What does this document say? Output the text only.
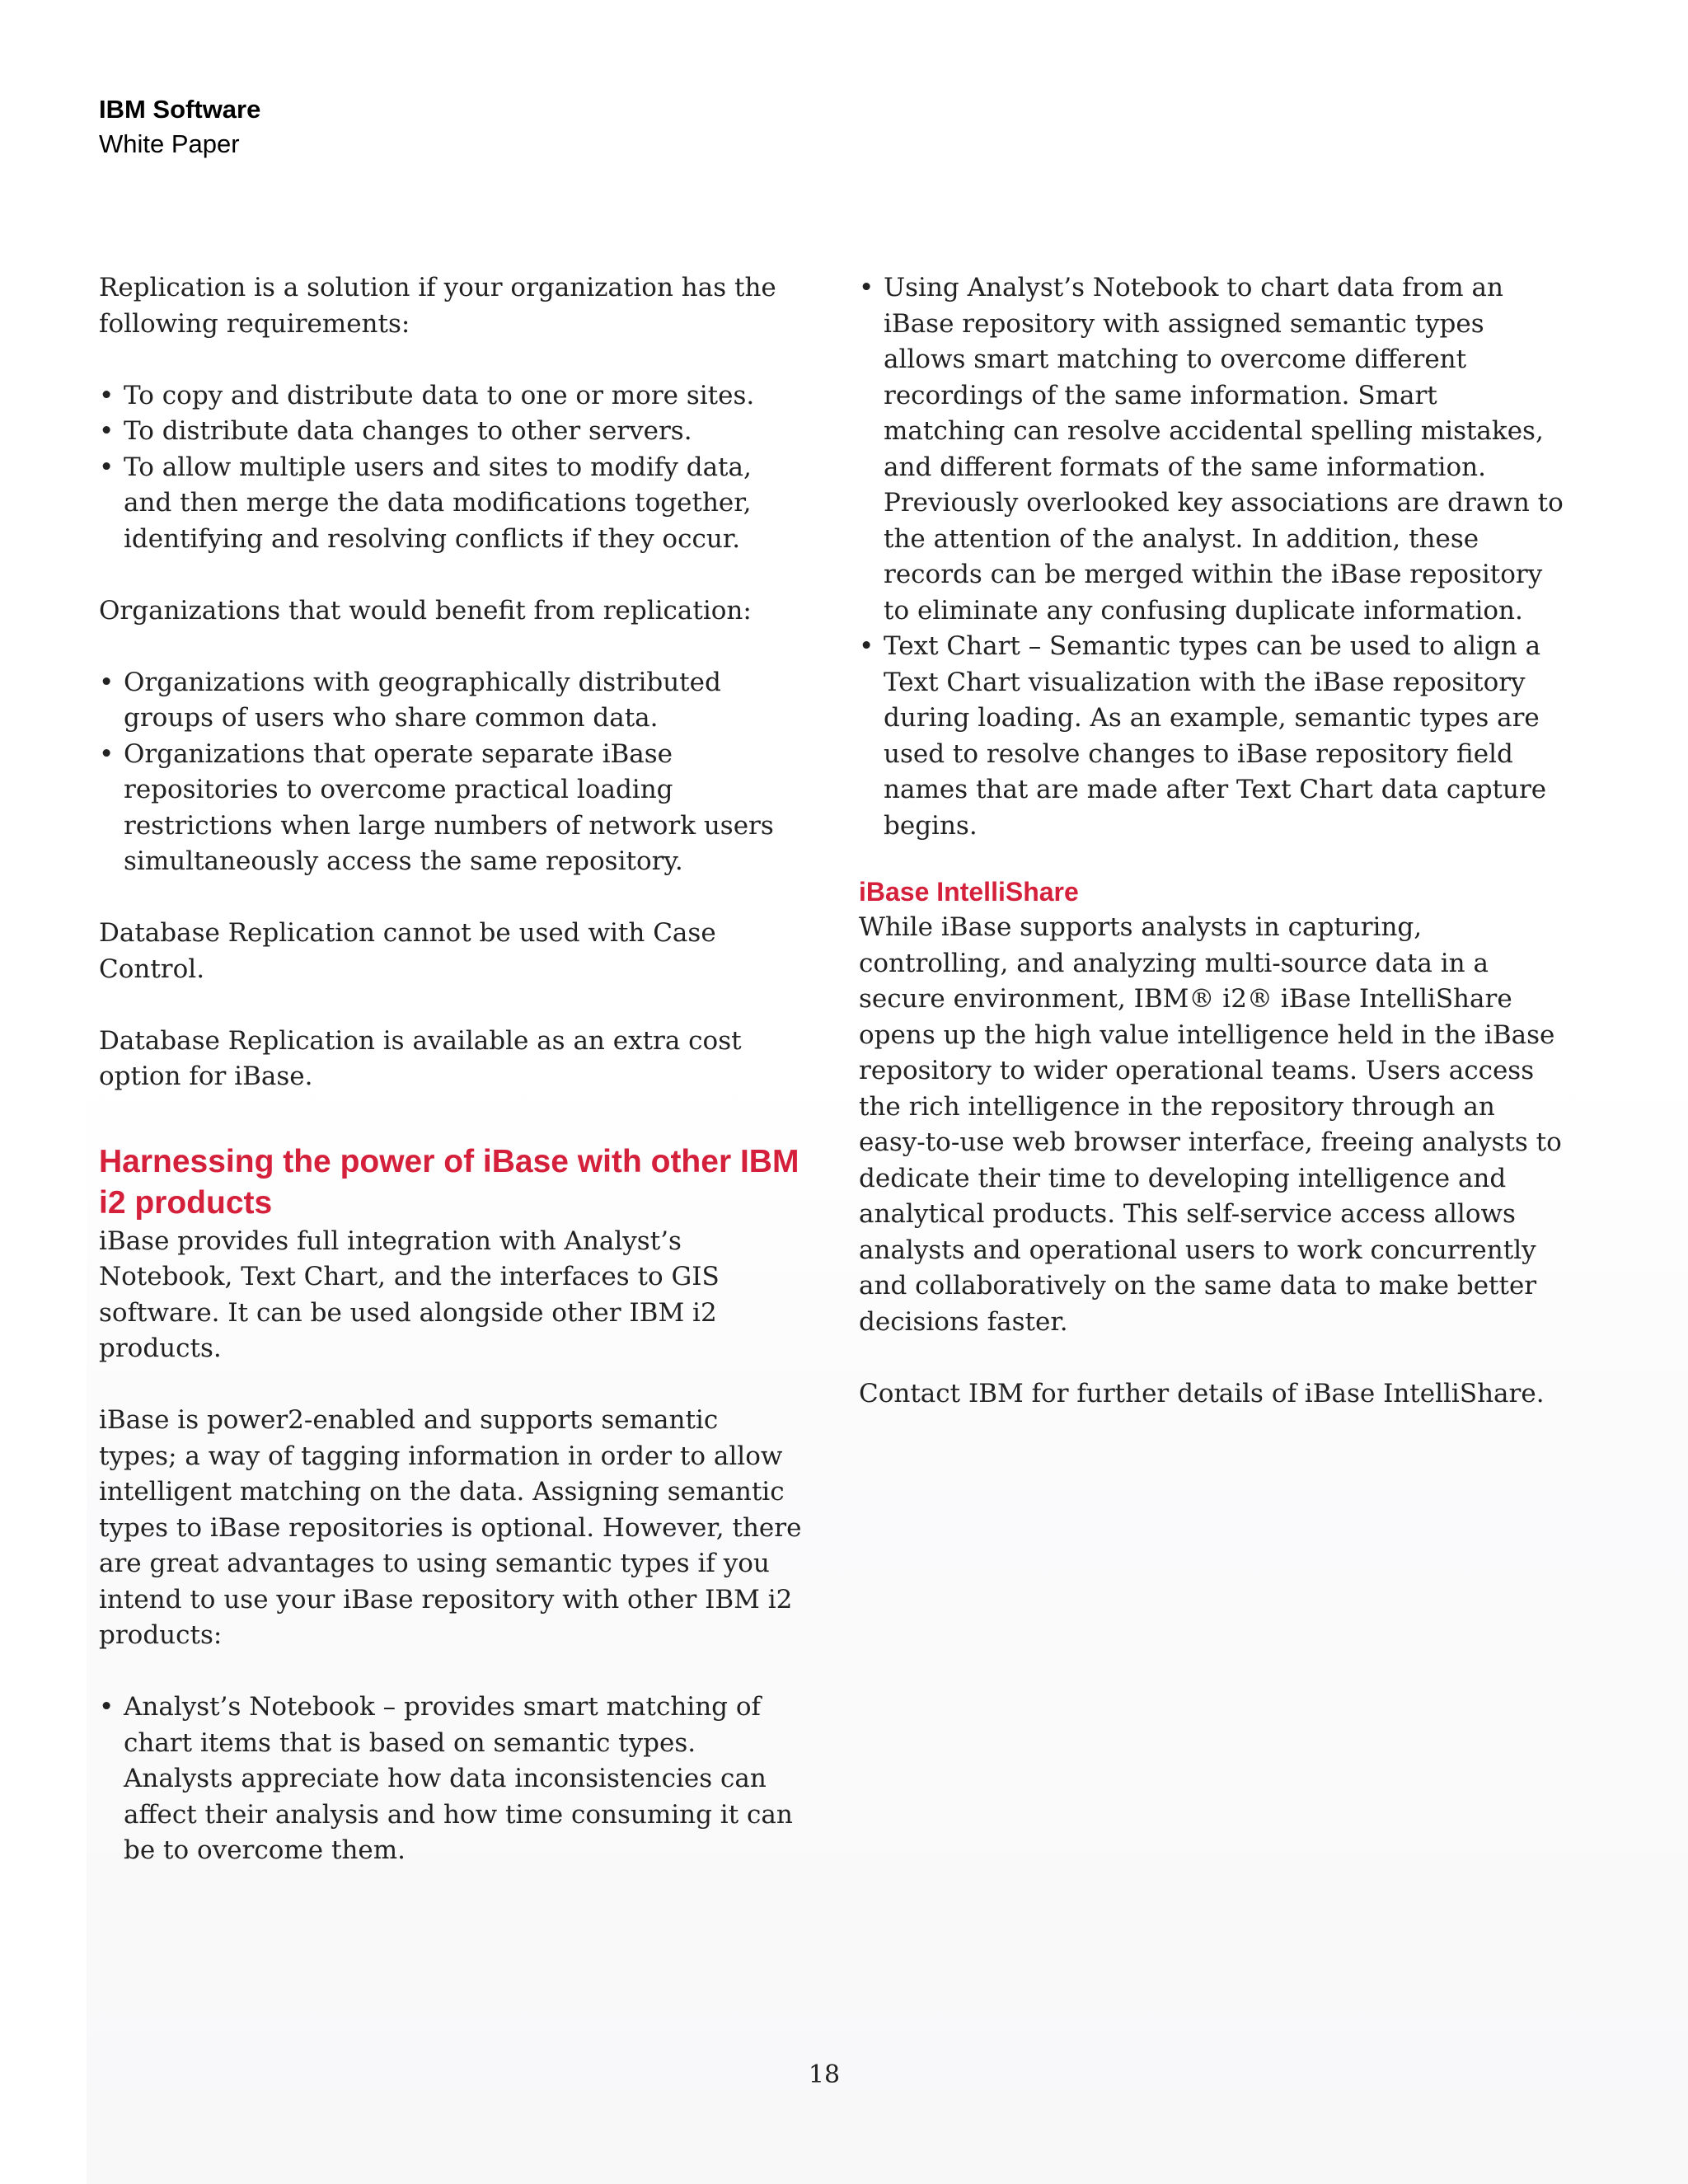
IBM Software
White Paper

Replication is a solution if your organization has the following requirements:

• To copy and distribute data to one or more sites.
• To distribute data changes to other servers.
• To allow multiple users and sites to modify data, and then merge the data modifications together, identifying and resolving conflicts if they occur.

Organizations that would benefit from replication:

• Organizations with geographically distributed groups of users who share common data.
• Organizations that operate separate iBase repositories to overcome practical loading restrictions when large numbers of network users simultaneously access the same repository.

Database Replication cannot be used with Case Control.

Database Replication is available as an extra cost option for iBase.

Harnessing the power of iBase with other IBM i2 products

iBase provides full integration with Analyst’s Notebook, Text Chart, and the interfaces to GIS software. It can be used alongside other IBM i2 products.

iBase is power2-enabled and supports semantic types; a way of tagging information in order to allow intelligent matching on the data. Assigning semantic types to iBase repositories is optional. However, there are great advantages to using semantic types if you intend to use your iBase repository with other IBM i2 products:

• Analyst’s Notebook – provides smart matching of chart items that is based on semantic types. Analysts appreciate how data inconsistencies can affect their analysis and how time consuming it can be to overcome them.
• Using Analyst’s Notebook to chart data from an iBase repository with assigned semantic types allows smart matching to overcome different recordings of the same information. Smart matching can resolve accidental spelling mistakes, and different formats of the same information. Previously overlooked key associations are drawn to the attention of the analyst. In addition, these records can be merged within the iBase repository to eliminate any confusing duplicate information.
• Text Chart – Semantic types can be used to align a Text Chart visualization with the iBase repository during loading. As an example, semantic types are used to resolve changes to iBase repository field names that are made after Text Chart data capture begins.
iBase IntelliShare

While iBase supports analysts in capturing, controlling, and analyzing multi-source data in a secure environment, IBM® i2® iBase IntelliShare opens up the high value intelligence held in the iBase repository to wider operational teams. Users access the rich intelligence in the repository through an easy-to-use web browser interface, freeing analysts to dedicate their time to developing intelligence and analytical products. This self-service access allows analysts and operational users to work concurrently and collaboratively on the same data to make better decisions faster.

Contact IBM for further details of iBase IntelliShare.

18
